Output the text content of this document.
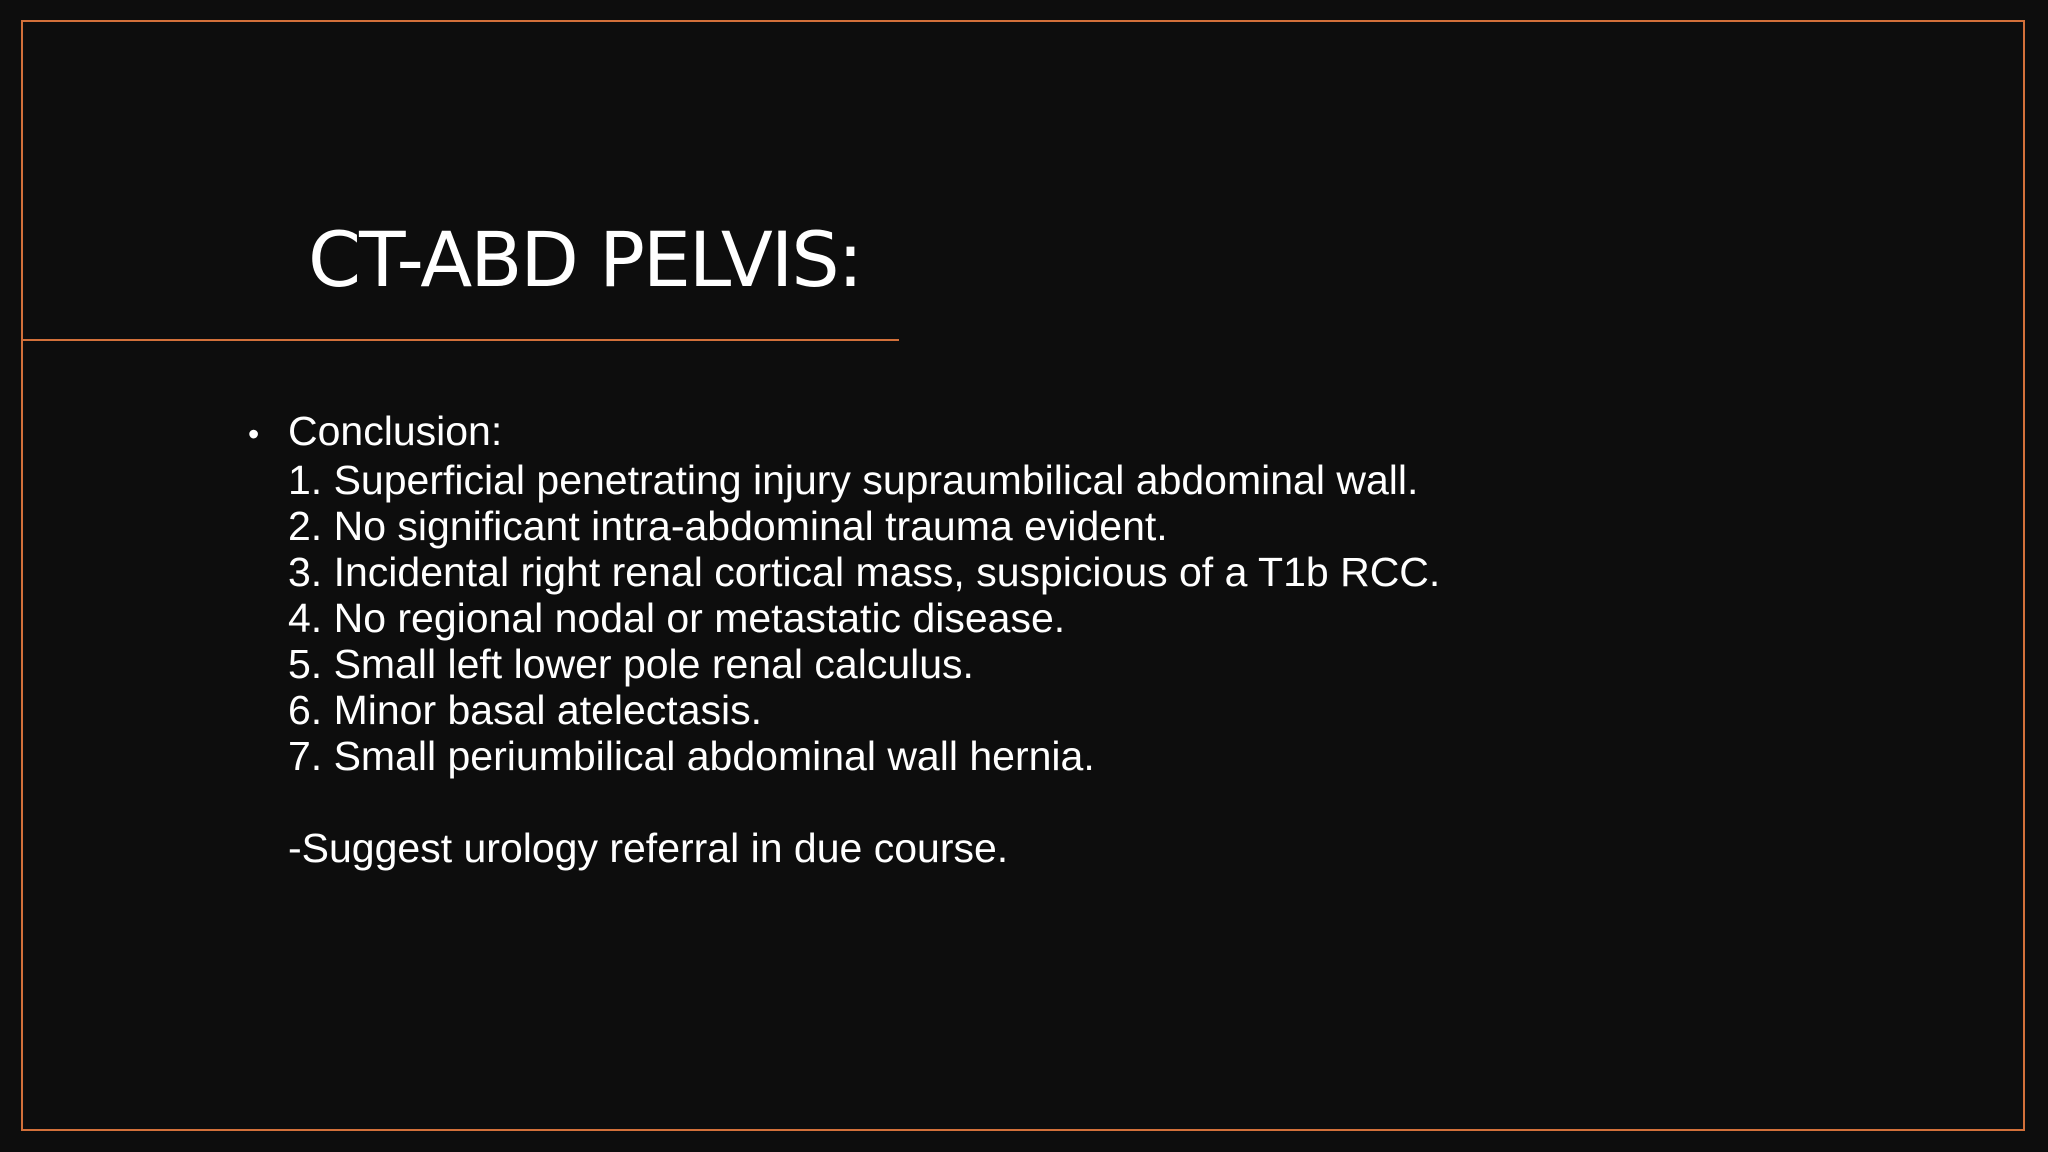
CT-ABD PELVIS:
• Conclusion:
1. Superficial penetrating injury supraumbilical abdominal wall.
2. No significant intra-abdominal trauma evident.
3. Incidental right renal cortical mass, suspicious of a T1b RCC.
4. No regional nodal or metastatic disease.
5. Small left lower pole renal calculus.
6. Minor basal atelectasis.
7. Small periumbilical abdominal wall hernia.
-Suggest urology referral in due course.
